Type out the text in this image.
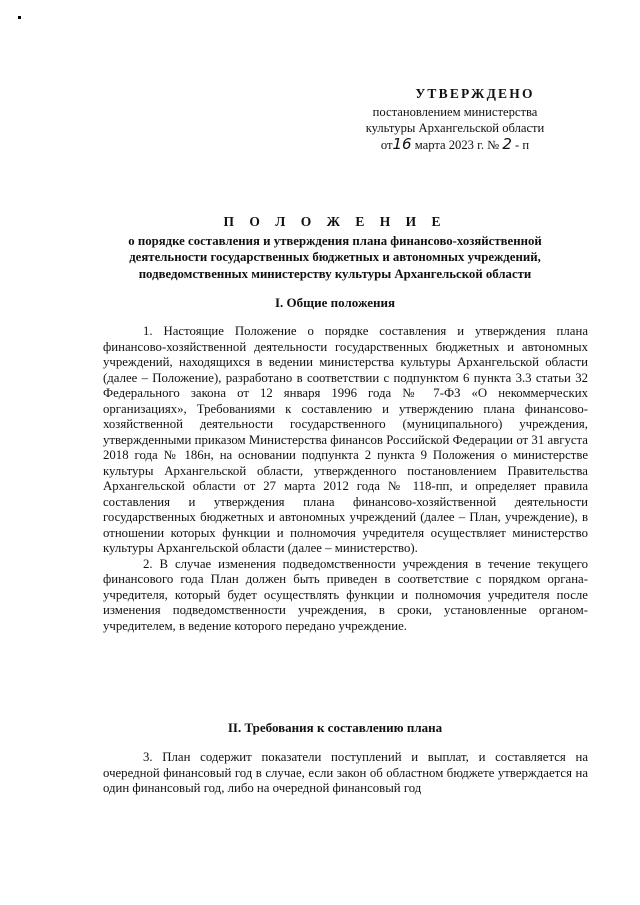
УТВЕРЖДЕНО
постановлением министерства
культуры Архангельской области
от16 марта 2023 г. № 2 - п
П О Л О Ж Е Н И Е
о порядке составления и утверждения плана финансово-хозяйственной
деятельности государственных бюджетных и автономных учреждений,
подведомственных министерству культуры Архангельской области
I. Общие положения

1. Настоящие Положение о порядке составления и утверждения плана финансово-хозяйственной деятельности государственных бюджетных и автономных учреждений, находящихся в ведении министерства культуры Архангельской области (далее – Положение), разработано в соответствии с подпунктом 6 пункта 3.3 статьи 32 Федерального закона от 12 января 1996 года № 7-ФЗ «О некоммерческих организациях», Требованиями к составлению и утверждению плана финансово-хозяйственной деятельности государственного (муниципального) учреждения, утвержденными приказом Министерства финансов Российской Федерации от 31 августа 2018 года № 186н, на основании подпункта 2 пункта 9 Положения о министерстве культуры Архангельской области, утвержденного постановлением Правительства Архангельской области от 27 марта 2012 года № 118-пп, и определяет правила составления и утверждения плана финансово-хозяйственной деятельности государственных бюджетных и автономных учреждений (далее – План, учреждение), в отношении которых функции и полномочия учредителя осуществляет министерство культуры Архангельской области (далее – министерство).

2. В случае изменения подведомственности учреждения в течение текущего финансового года План должен быть приведен в соответствие с порядком органа-учредителя, который будет осуществлять функции и полномочия учредителя после изменения подведомственности учреждения, в сроки, установленные органом-учредителем, в ведение которого передано учреждение.

II. Требования к составлению плана

3. План содержит показатели поступлений и выплат, и составляется на очередной финансовый год в случае, если закон об областном бюджете утверждается на один финансовый год, либо на очередной финансовый год
